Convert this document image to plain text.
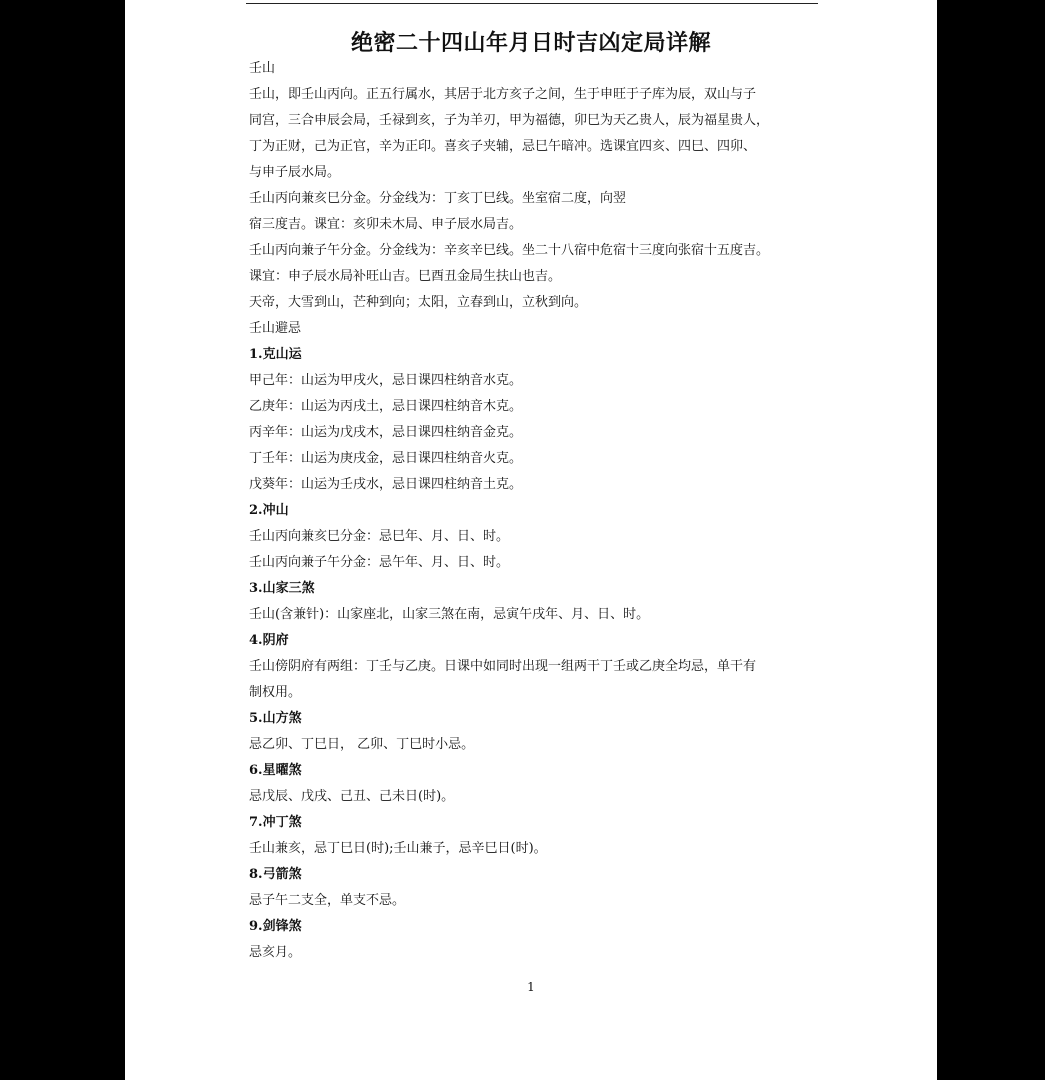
绝密二十四山年月日时吉凶定局详解
壬山
壬山，即壬山丙向。正五行属水，其居于北方亥子之间，生于申旺于子库为辰，双山与子
同宫，三合申辰会局，壬禄到亥，子为羊刃，甲为福德，卯巳为天乙贵人，辰为福星贵人，
丁为正财，己为正官，辛为正印。喜亥子夹辅，忌巳午暗冲。选课宜四亥、四巳、四卯、
与申子辰水局。
壬山丙向兼亥巳分金。分金线为：丁亥丁巳线。坐室宿二度，向翌
宿三度吉。课宜：亥卯未木局、申子辰水局吉。
壬山丙向兼子午分金。分金线为：辛亥辛巳线。坐二十八宿中危宿十三度向张宿十五度吉。
课宜：申子辰水局补旺山吉。巳酉丑金局生扶山也吉。
天帝，大雪到山，芒种到向；太阳，立春到山，立秋到向。
壬山避忌
1.克山运
甲己年：山运为甲戌火，忌日课四柱纳音水克。
乙庚年：山运为丙戌土，忌日课四柱纳音木克。
丙辛年：山运为戊戌木，忌日课四柱纳音金克。
丁壬年：山运为庚戌金，忌日课四柱纳音火克。
戊葵年：山运为壬戌水，忌日课四柱纳音土克。
2.冲山
壬山丙向兼亥巳分金：忌巳年、月、日、时。
壬山丙向兼子午分金：忌午年、月、日、时。
3.山家三煞
壬山(含兼针)：山家座北，山家三煞在南，忌寅午戌年、月、日、时。
4.阴府
壬山傍阴府有两组：丁壬与乙庚。日课中如同时出现一组两干丁壬或乙庚全均忌，单干有
制权用。
5.山方煞
忌乙卯、丁巳日， 乙卯、丁巳时小忌。
6.星曜煞
忌戊辰、戊戌、己丑、己未日(时)。
7.冲丁煞
壬山兼亥，忌丁巳日(时);壬山兼子，忌辛巳日(时)。
8.弓箭煞
忌子午二支全，单支不忌。
9.剑锋煞
忌亥月。
1
